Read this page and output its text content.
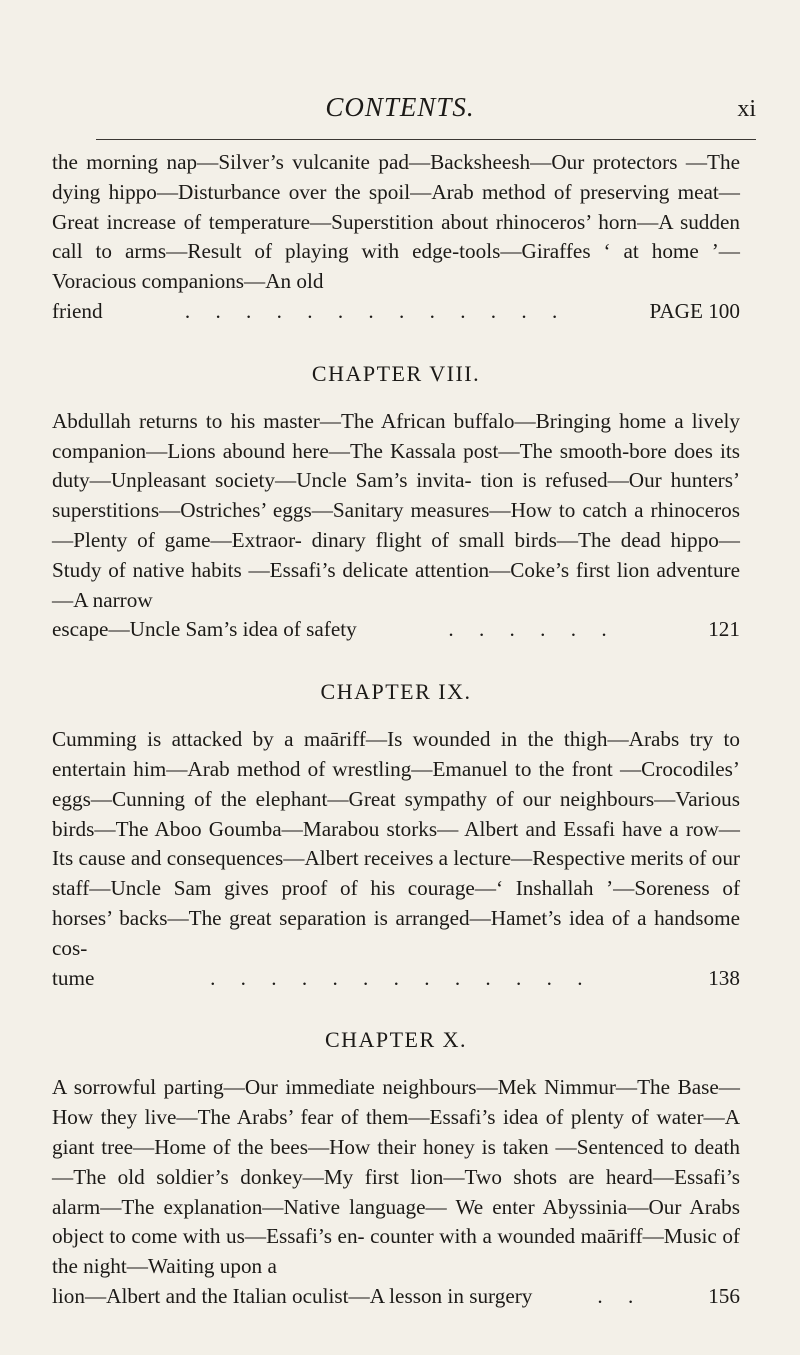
CONTENTS.	xi

the morning nap—Silver’s vulcanite pad—Backsheesh—Our protectors —The dying hippo—Disturbance over the spoil—Arab method of preserving meat—Great increase of temperature—Superstition about rhinoceros’ horn—A sudden call to arms—Result of playing with edge-tools—Giraffes ‘ at home ’—Voracious companions—An old

friend	. . . . . . . . . . . . .	PAGE 100
CHAPTER VIII.

Abdullah returns to his master—The African buffalo—Bringing home a lively companion—Lions abound here—The Kassala post—The smooth-bore does its duty—Unpleasant society—Uncle Sam’s invita- tion is refused—Our hunters’ superstitions—Ostriches’ eggs—Sanitary measures—How to catch a rhinoceros—Plenty of game—Extraor- dinary flight of small birds—The dead hippo—Study of native habits —Essafi’s delicate attention—Coke’s first lion adventure—A narrow

escape—Uncle Sam’s idea of safety	. . . . . .	121
CHAPTER IX.

Cumming is attacked by a maāriff—Is wounded in the thigh—Arabs try to entertain him—Arab method of wrestling—Emanuel to the front —Crocodiles’ eggs—Cunning of the elephant—Great sympathy of our neighbours—Various birds—The Aboo Goumba—Marabou storks— Albert and Essafi have a row—Its cause and consequences—Albert receives a lecture—Respective merits of our staff—Uncle Sam gives proof of his courage—‘ Inshallah ’—Soreness of horses’ backs—The great separation is arranged—Hamet’s idea of a handsome cos-

tume	. . . . . . . . . . . . .	138
CHAPTER X.

A sorrowful parting—Our immediate neighbours—Mek Nimmur—The Base—How they live—The Arabs’ fear of them—Essafi’s idea of plenty of water—A giant tree—Home of the bees—How their honey is taken —Sentenced to death—The old soldier’s donkey—My first lion—Two shots are heard—Essafi’s alarm—The explanation—Native language— We enter Abyssinia—Our Arabs object to come with us—Essafi’s en- counter with a wounded maāriff—Music of the night—Waiting upon a

lion—Albert and the Italian oculist—A lesson in surgery	. .	156
